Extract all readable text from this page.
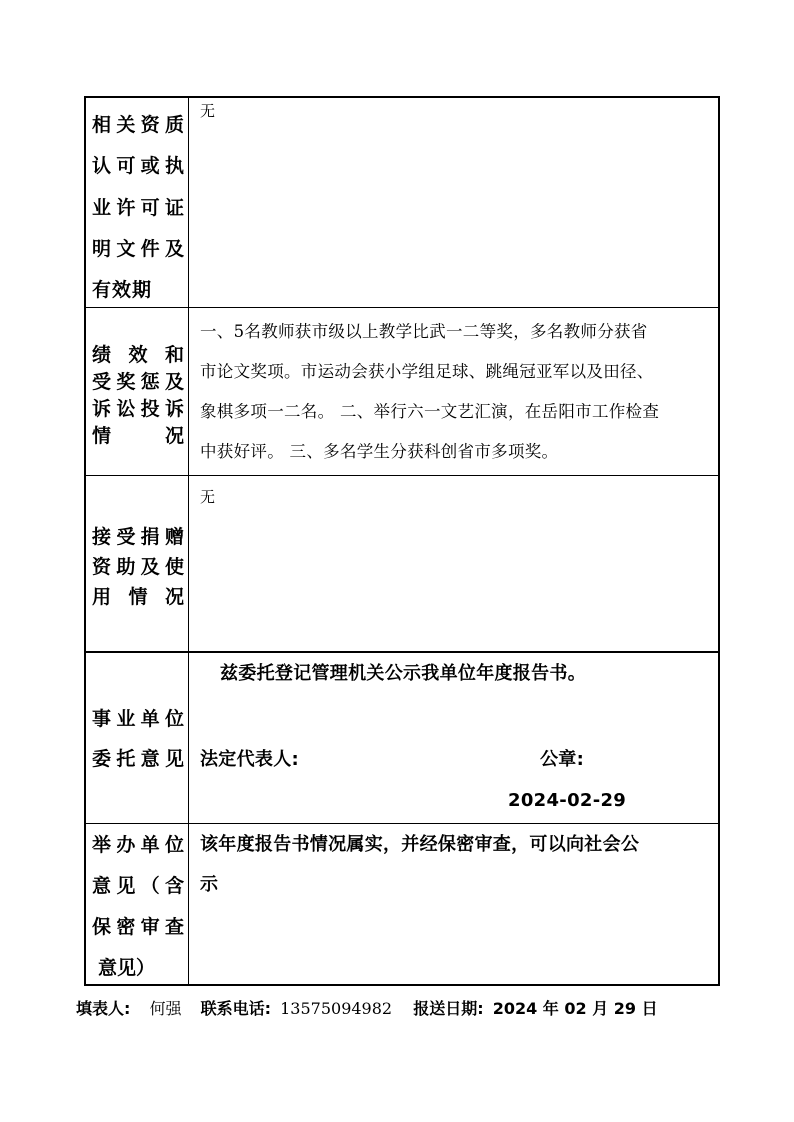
相关资质
认可或执
业许可证
明文件及
有效期
无
绩 效 和
受奖惩及
诉讼投诉
情　　况
一、5名教师获市级以上教学比武一二等奖，多名教师分获省
市论文奖项。市运动会获小学组足球、跳绳冠亚军以及田径、
象棋多项一二名。 二、举行六一文艺汇演，在岳阳市工作检查
中获好评。 三、多名学生分获科创省市多项奖。
接受捐赠
资助及使
用 情 况
无
事业单位
委托意见
兹委托登记管理机关公示我单位年度报告书。
法定代表人:	公章:
2024-02-29
举办单位
意见（含
保密审查
意见）
该年度报告书情况属实，并经保密审查，可以向社会公
示
填表人: 何强 联系电话: 13575094982 报送日期: 2024 年 02 月 29 日
